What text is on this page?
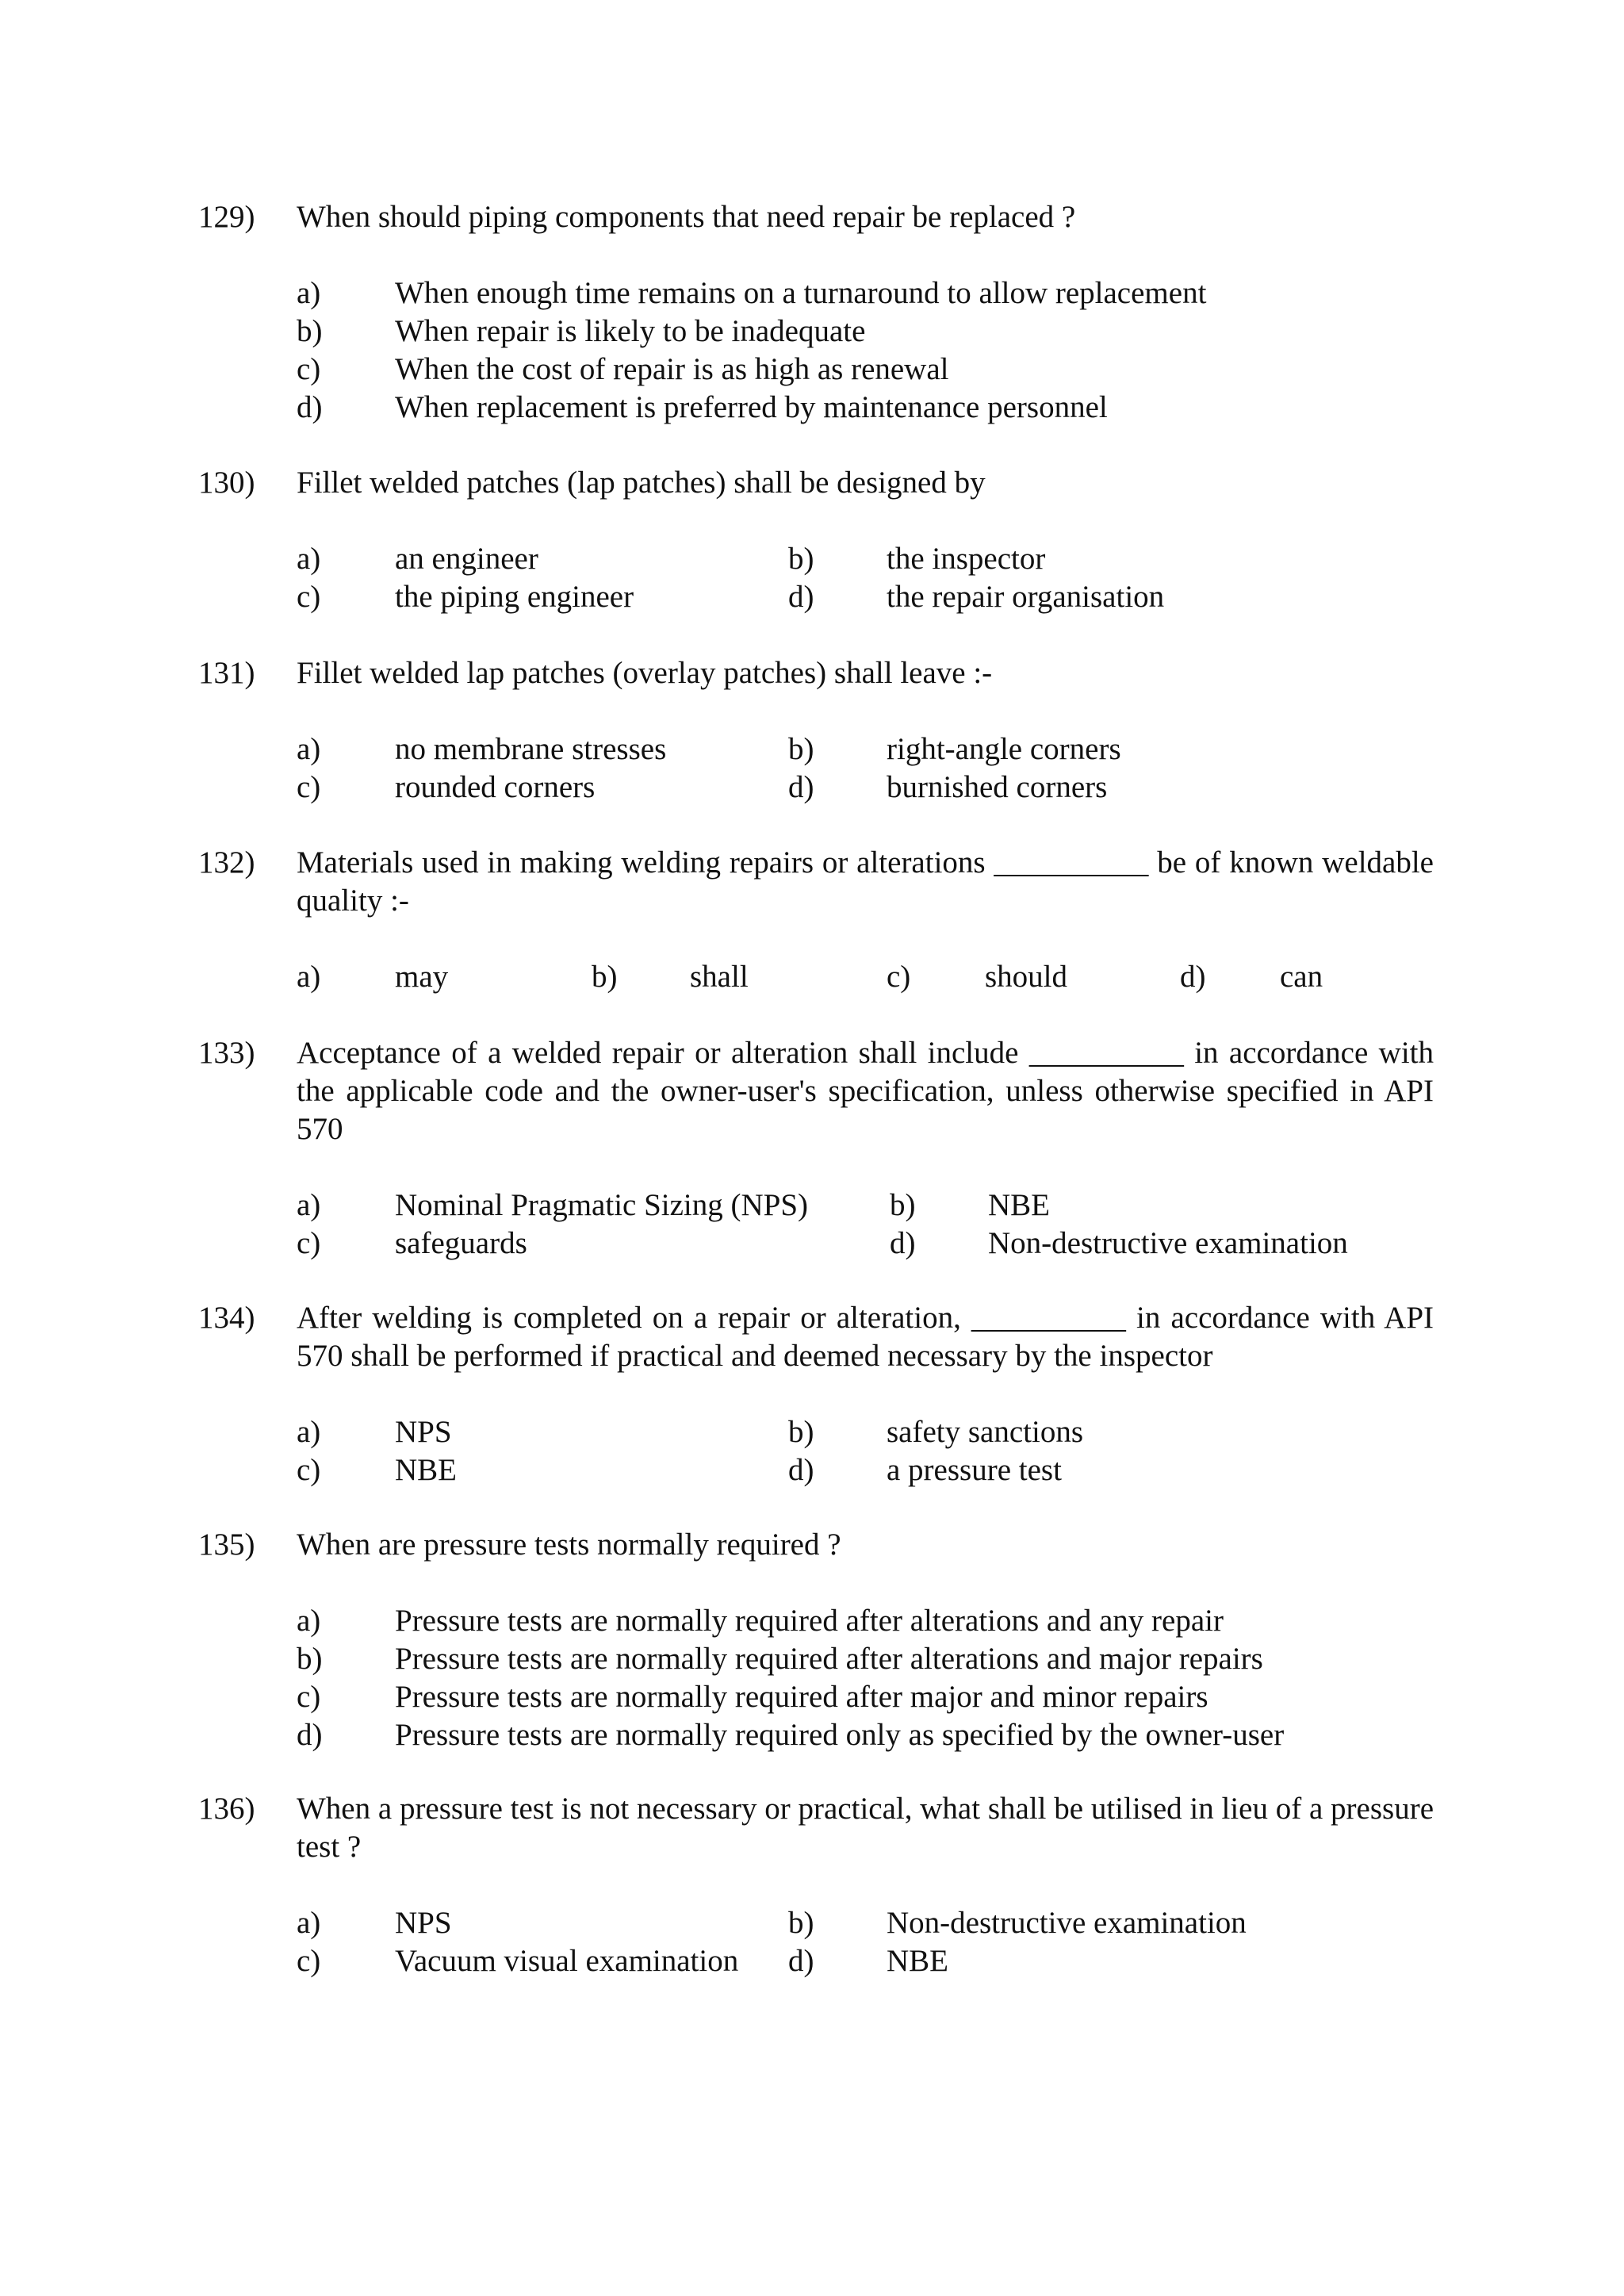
129)	When should piping components that need repair be replaced ?
a) When enough time remains on a turnaround to allow replacement
b) When repair is likely to be inadequate
c) When the cost of repair is as high as renewal
d) When replacement is preferred by maintenance personnel
130)	Fillet welded patches (lap patches) shall be designed by
a) an engineer	b) the inspector
c) the piping engineer	d) the repair organisation
131)	Fillet welded lap patches (overlay patches) shall leave :-
a) no membrane stresses	b) right-angle corners
c) rounded corners	d) burnished corners
132)	Materials used in making welding repairs or alterations __________ be of known weldable quality :-
a) may	b) shall	c) should	d) can
133)	Acceptance of a welded repair or alteration shall include __________ in accordance with the applicable code and the owner-user's specification, unless otherwise specified in API 570
a) Nominal Pragmatic Sizing (NPS)	b) NBE
c) safeguards	d) Non-destructive examination
134)	After welding is completed on a repair or alteration, __________ in accordance with API 570 shall be performed if practical and deemed necessary by the inspector
a) NPS	b) safety sanctions
c) NBE	d) a pressure test
135)	When are pressure tests normally required ?
a) Pressure tests are normally required after alterations and any repair
b) Pressure tests are normally required after alterations and major repairs
c) Pressure tests are normally required after major and minor repairs
d) Pressure tests are normally required only as specified by the owner-user
136)	When a pressure test is not necessary or practical, what shall be utilised in lieu of a pressure test ?
a) NPS	b) Non-destructive examination
c) Vacuum visual examination d) NBE
